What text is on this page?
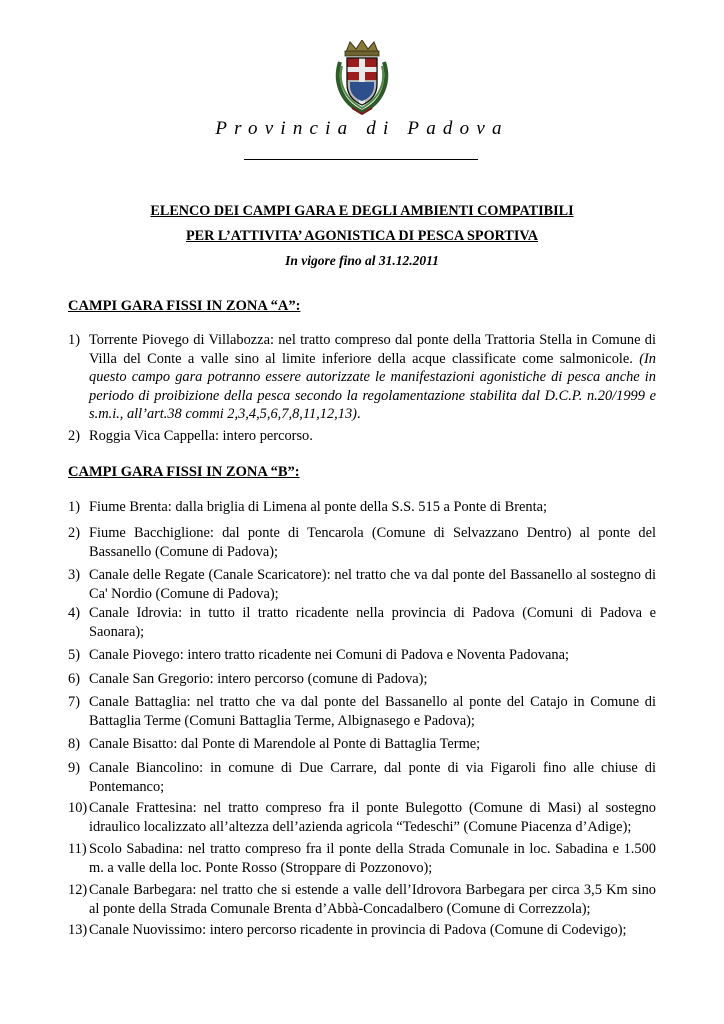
Provincia di Padova
ELENCO DEI CAMPI GARA E DEGLI AMBIENTI COMPATIBILI
PER L’ATTIVITA’ AGONISTICA DI PESCA SPORTIVA
In vigore fino al 31.12.2011
CAMPI GARA FISSI IN ZONA “A”:
1) Torrente Piovego di Villabozza: nel tratto compreso dal ponte della Trattoria Stella in Comune di Villa del Conte a valle sino al limite inferiore della acque classificate come salmonicole. (In questo campo gara potranno essere autorizzate le manifestazioni agonistiche di pesca anche in periodo di proibizione della pesca secondo la regolamentazione stabilita dal D.C.P. n.20/1999 e s.m.i., all’art.38 commi 2,3,4,5,6,7,8,11,12,13).
2) Roggia Vica Cappella: intero percorso.
CAMPI GARA FISSI IN ZONA “B”:
1) Fiume Brenta: dalla briglia di Limena al ponte della S.S. 515 a Ponte di Brenta;
2) Fiume Bacchiglione: dal ponte di Tencarola (Comune di Selvazzano Dentro) al ponte del Bassanello (Comune di Padova);
3) Canale delle Regate (Canale Scaricatore): nel tratto che va dal ponte del Bassanello al sostegno di Ca' Nordio (Comune di Padova);
4) Canale Idrovia: in tutto il tratto ricadente nella provincia di Padova (Comuni di Padova e Saonara);
5) Canale Piovego: intero tratto ricadente nei Comuni di Padova e Noventa Padovana;
6) Canale San Gregorio: intero percorso (comune di Padova);
7) Canale Battaglia: nel tratto che va dal ponte del Bassanello al ponte del Catajo in Comune di Battaglia Terme (Comuni Battaglia Terme, Albignasego e Padova);
8) Canale Bisatto: dal Ponte di Marendole al Ponte di Battaglia Terme;
9) Canale Biancolino: in comune di Due Carrare, dal ponte di via Figaroli fino alle chiuse di Pontemanco;
10) Canale Frattesina: nel tratto compreso fra il ponte Bulegotto (Comune di Masi) al sostegno idraulico localizzato all’altezza dell’azienda agricola “Tedeschi” (Comune Piacenza d’Adige);
11) Scolo Sabadina: nel tratto compreso fra il ponte della Strada Comunale in loc. Sabadina e 1.500 m. a valle della loc. Ponte Rosso (Stroppare di Pozzonovo);
12) Canale Barbegara: nel tratto che si estende a valle dell’Idrovora Barbegara per circa 3,5 Km sino al ponte della Strada Comunale Brenta d’Abbà-Concadalbero (Comune di Correzzola);
13) Canale Nuovissimo: intero percorso ricadente in provincia di Padova (Comune di Codevigo);
